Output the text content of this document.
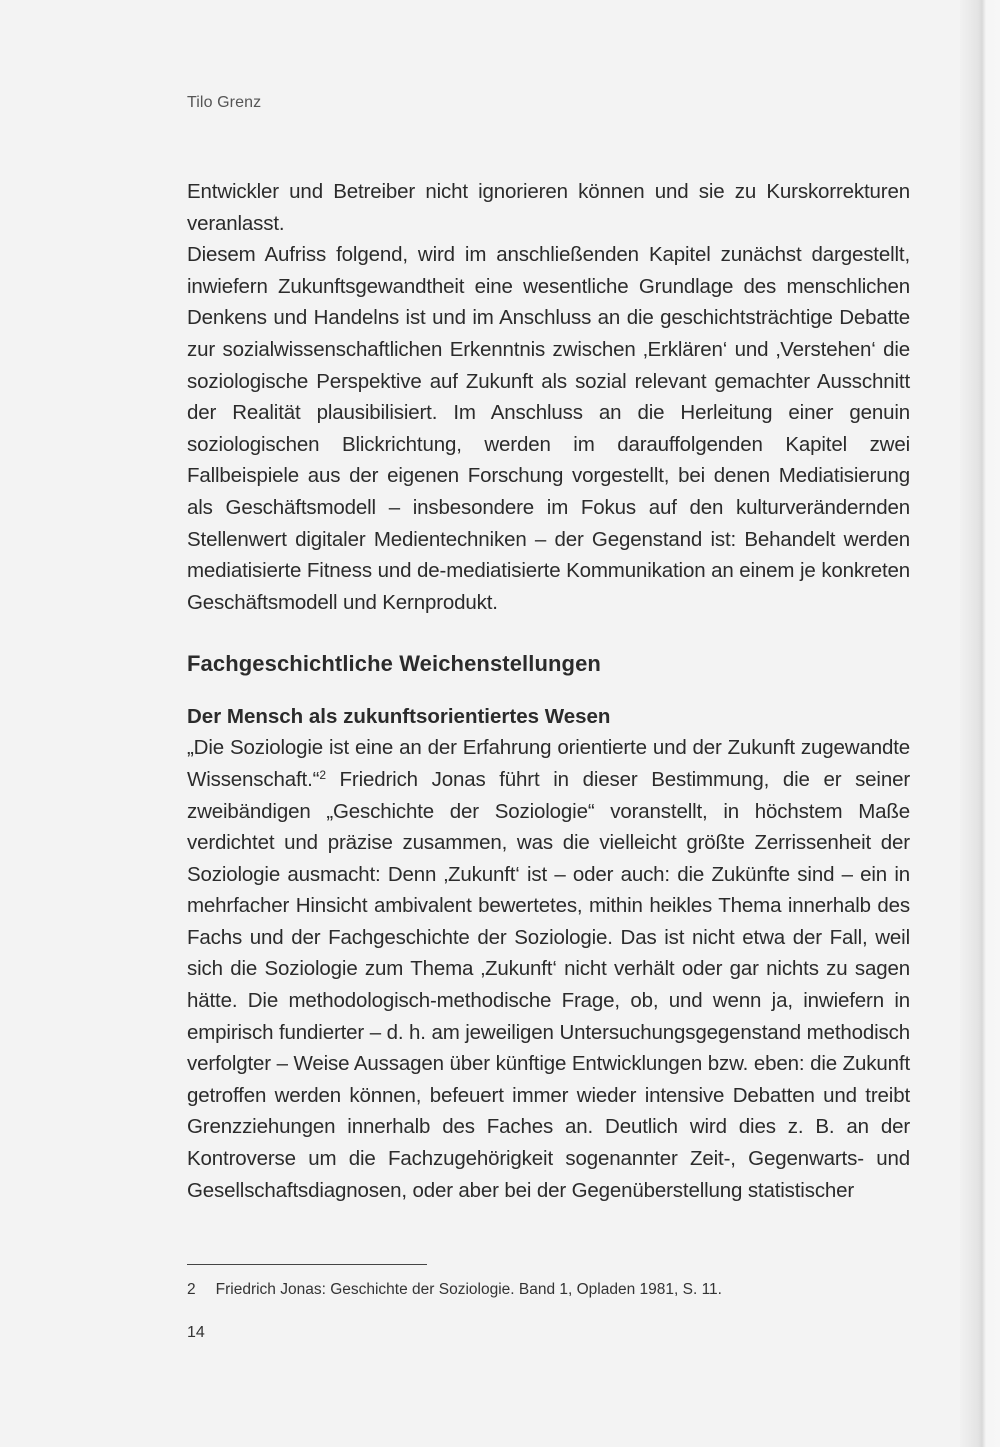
Tilo Grenz

Entwickler und Betreiber nicht ignorieren können und sie zu Kurskorrekturen veranlasst.

Diesem Aufriss folgend, wird im anschließenden Kapitel zunächst dargestellt, inwiefern Zukunftsgewandtheit eine wesentliche Grundlage des menschlichen Denkens und Handelns ist und im Anschluss an die geschichtsträchtige Debatte zur sozialwissenschaftlichen Erkenntnis zwischen ‚Erklären‘ und ‚Verstehen‘ die soziologische Perspektive auf Zukunft als sozial relevant gemachter Ausschnitt der Realität plausibilisiert. Im Anschluss an die Herleitung einer genuin soziologischen Blickrichtung, werden im darauffolgenden Kapitel zwei Fallbeispiele aus der eigenen Forschung vorgestellt, bei denen Mediatisierung als Geschäftsmodell – insbesondere im Fokus auf den kulturverändernden Stellenwert digitaler Medientechniken – der Gegenstand ist: Behandelt werden mediatisierte Fitness und de-mediatisierte Kommunikation an einem je konkreten Geschäftsmodell und Kernprodukt.

Fachgeschichtliche Weichenstellungen
Der Mensch als zukunftsorientiertes Wesen

„Die Soziologie ist eine an der Erfahrung orientierte und der Zukunft zugewandte Wissenschaft.“$^2$ Friedrich Jonas führt in dieser Bestimmung, die er seiner zweibändigen „Geschichte der Soziologie“ voranstellt, in höchstem Maße verdichtet und präzise zusammen, was die vielleicht größte Zerrissenheit der Soziologie ausmacht: Denn ‚Zukunft‘ ist – oder auch: die Zukünfte sind – ein in mehrfacher Hinsicht ambivalent bewertetes, mithin heikles Thema innerhalb des Fachs und der Fachgeschichte der Soziologie. Das ist nicht etwa der Fall, weil sich die Soziologie zum Thema ‚Zukunft‘ nicht verhält oder gar nichts zu sagen hätte. Die methodologisch-methodische Frage, ob, und wenn ja, inwiefern in empirisch fundierter – d. h. am jeweiligen Untersuchungsgegenstand methodisch verfolgter – Weise Aussagen über künftige Entwicklungen bzw. eben: die Zukunft getroffen werden können, befeuert immer wieder intensive Debatten und treibt Grenzziehungen innerhalb des Faches an. Deutlich wird dies z. B. an der Kontroverse um die Fachzugehörigkeit sogenannter Zeit-, Gegenwarts- und Gesellschaftsdiagnosen, oder aber bei der Gegenüberstellung statistischer

2 Friedrich Jonas: Geschichte der Soziologie. Band 1, Opladen 1981, S. 11.
14
